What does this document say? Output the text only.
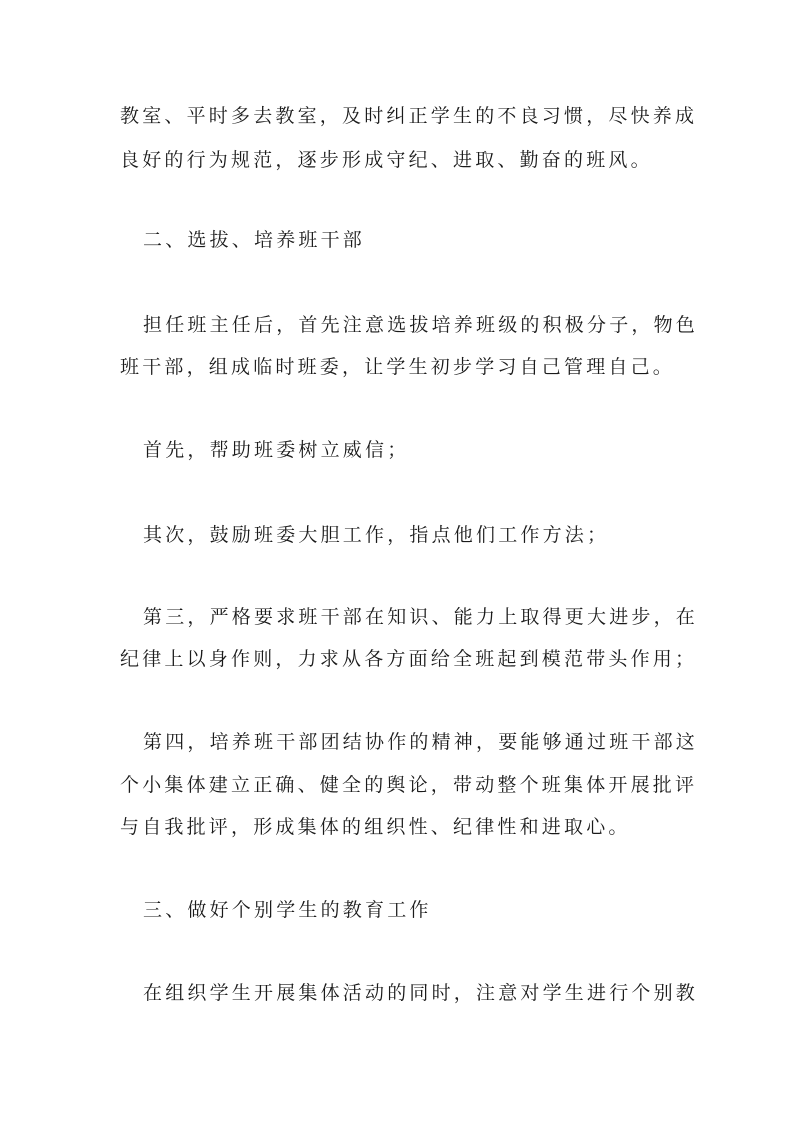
教室、平时多去教室，及时纠正学生的不良习惯，尽快养成

良好的行为规范，逐步形成守纪、进取、勤奋的班风。

二、选拔、培养班干部

担任班主任后，首先注意选拔培养班级的积极分子，物色

班干部，组成临时班委，让学生初步学习自己管理自己。

首先，帮助班委树立威信；

其次，鼓励班委大胆工作，指点他们工作方法；

第三，严格要求班干部在知识、能力上取得更大进步，在

纪律上以身作则，力求从各方面给全班起到模范带头作用；

第四，培养班干部团结协作的精神，要能够通过班干部这

个小集体建立正确、健全的舆论，带动整个班集体开展批评

与自我批评，形成集体的组织性、纪律性和进取心。

三、做好个别学生的教育工作

在组织学生开展集体活动的同时，注意对学生进行个别教
